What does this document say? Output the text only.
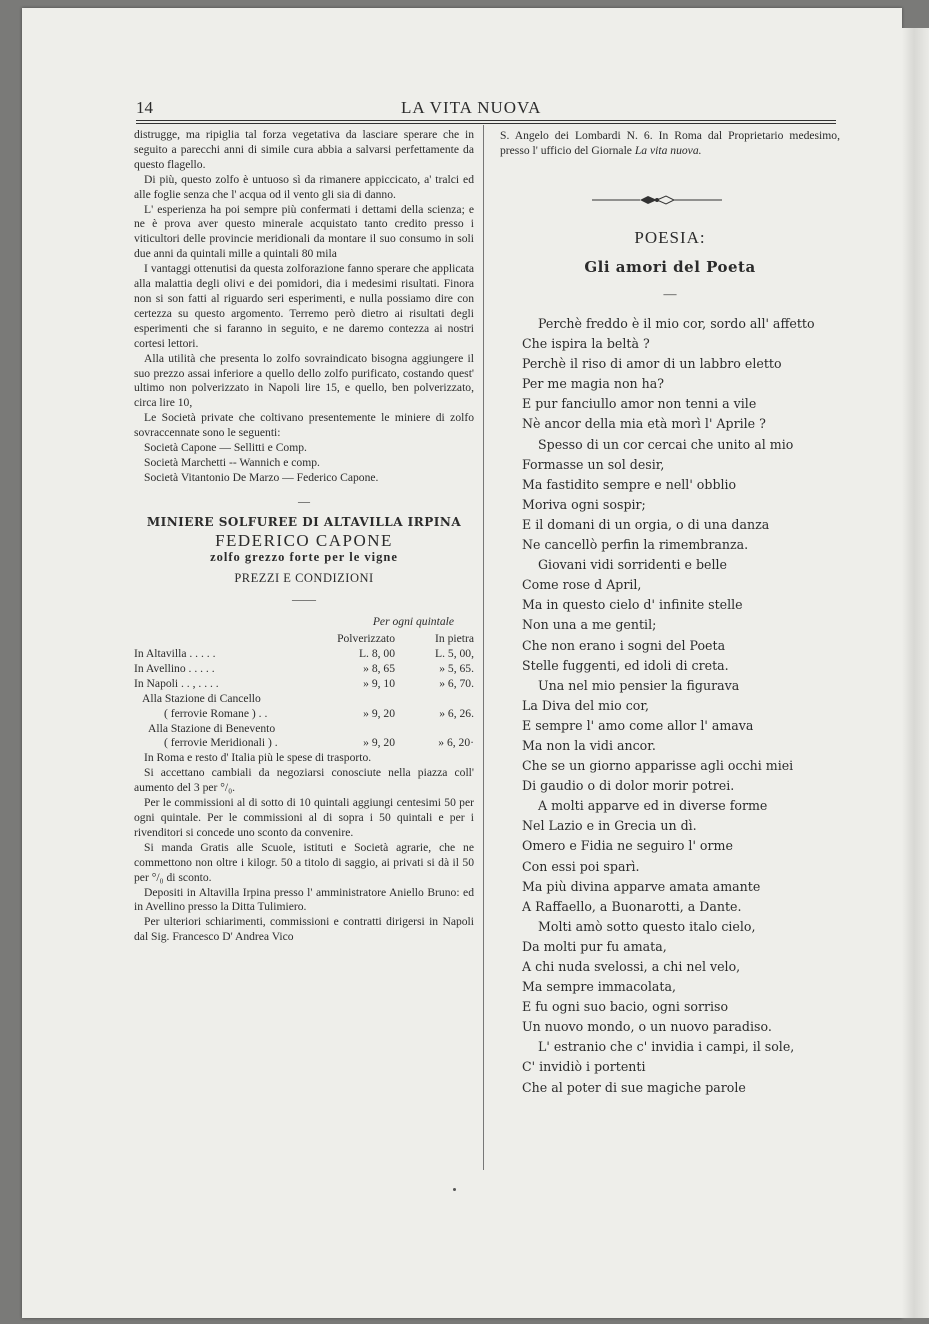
14	LA VITA NUOVA

distrugge, ma ripiglia tal forza vegetativa da lasciare sperare che in seguito a parecchi anni di simile cura abbia a salvarsi perfettamente da questo flagello.

Di più, questo zolfo è untuoso sì da rimanere appiccicato, a' tralci ed alle foglie senza che l' acqua od il vento gli sia di danno.

L' esperienza ha poi sempre più confermati i dettami della scienza; e ne è prova aver questo minerale acquistato tanto credito presso i viticultori delle provincie meridionali da montare il suo consumo in soli due anni da quintali mille a quintali 80 mila

I vantaggi ottenutisi da questa zolforazione fanno sperare che applicata alla malattia degli olivi e dei pomidori, dia i medesimi risultati. Finora non si son fatti al riguardo seri esperimenti, e nulla possiamo dire con certezza su questo argomento. Terremo però dietro ai risultati degli esperimenti che si faranno in seguito, e ne daremo contezza ai nostri cortesi lettori.

Alla utilità che presenta lo zolfo sovraindicato bisogna aggiungere il suo prezzo assai inferiore a quello dello zolfo purificato, costando quest' ultimo non polverizzato in Napoli lire 15, e quello, ben polverizzato, circa lire 10,

Le Società private che coltivano presentemente le miniere di zolfo sovraccennate sono le seguenti:

Società Capone — Sellitti e Comp.
Società Marchetti -- Wannich e comp.
Società Vitantonio De Marzo — Federico Capone.
—
MINIERE SOLFUREE DI ALTAVILLA IRPINA
FEDERICO CAPONE
zolfo grezzo forte per le vigne
PREZZI E CONDIZIONI
——
Per ogni quintale
	Polverizzato	In pietra
In Altavilla . . . . .	L. 8, 00	L. 5, 00,
In Avellino . . . . .	» 8, 65	» 5, 65.
In Napoli . . , . . . .	» 9, 10	» 6, 70.
Alla Stazione di Cancello		
( ferrovie Romane ) . .	» 9, 20	» 6, 26.
Alla Stazione di Benevento		
( ferrovie Meridionali ) .	» 9, 20	» 6, 20·

In Roma e resto d' Italia più le spese di trasporto.

Si accettano cambiali da negoziarsi conosciute nella piazza coll' aumento del 3 per °/₀.

Per le commissioni al di sotto di 10 quintali aggiungi centesimi 50 per ogni quintale. Per le commissioni al di sopra i 50 quintali e per i rivenditori si concede uno sconto da convenire.

Si manda Gratis alle Scuole, istituti e Società agrarie, che ne commettono non oltre i kilogr. 50 a titolo di saggio, ai privati si dà il 50 per °/₀ di sconto.

Depositi in Altavilla Irpina presso l' amministratore Aniello Bruno: ed in Avellino presso la Ditta Tulimiero.

Per ulteriori schiarimenti, commissioni e contratti dirigersi in Napoli dal Sig. Francesco D' Andrea Vico

S. Angelo dei Lombardi N. 6. In Roma dal Proprietario medesimo, presso l' ufficio del Giornale La vita nuova.
POESIA:
Gli amori del Poeta
—
Perchè freddo è il mio cor, sordo all' affetto
Che ispira la beltà ?
Perchè il riso di amor di un labbro eletto
Per me magia non ha?
E pur fanciullo amor non tenni a vile
Nè ancor della mia età morì l' Aprile ?
Spesso di un cor cercai che unito al mio
Formasse un sol desir,
Ma fastidito sempre e nell' obblio
Moriva ogni sospir;
E il domani di un orgia, o di una danza
Ne cancellò perfin la rimembranza.
Giovani vidi sorridenti e belle
Come rose d April,
Ma in questo cielo d' infinite stelle
Non una a me gentil;
Che non erano i sogni del Poeta
Stelle fuggenti, ed idoli di creta.
Una nel mio pensier la figurava
La Diva del mio cor,
E sempre l' amo come allor l' amava
Ma non la vidi ancor.
Che se un giorno apparisse agli occhi miei
Di gaudio o di dolor morir potrei.
A molti apparve ed in diverse forme
Nel Lazio e in Grecia un dì.
Omero e Fidia ne seguiro l' orme
Con essi poi sparì.
Ma più divina apparve amata amante
A Raffaello, a Buonarotti, a Dante.
Molti amò sotto questo italo cielo,
Da molti pur fu amata,
A chi nuda svelossi, a chi nel velo,
Ma sempre immacolata,
E fu ogni suo bacio, ogni sorriso
Un nuovo mondo, o un nuovo paradiso.
L' estranio che c' invidia i campi, il sole,
C' invidiò i portenti
Che al poter di sue magiche parole
